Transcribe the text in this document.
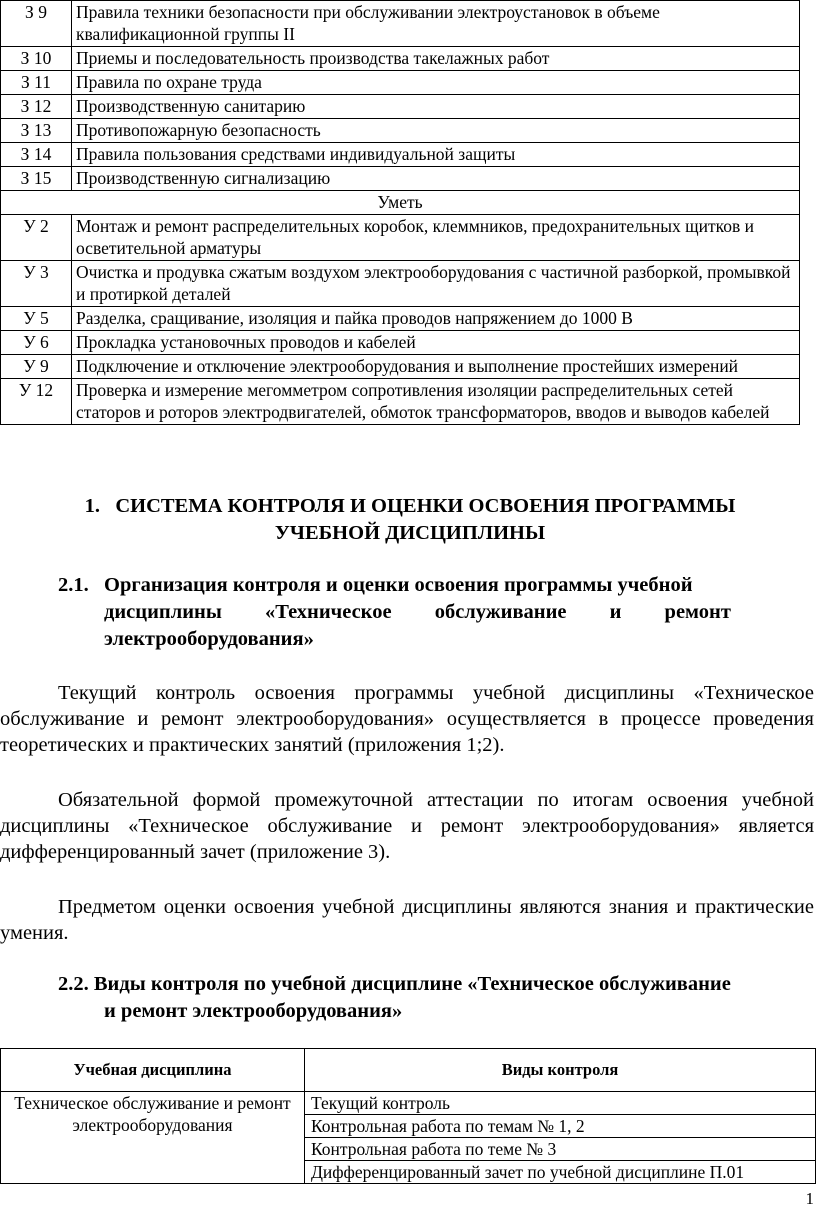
З 9	Правила техники безопасности при обслуживании электроустановок в объеме квалификационной группы II
З 10	Приемы и последовательность производства такелажных работ
З 11	Правила по охране труда
З 12	Производственную санитарию
З 13	Противопожарную безопасность
З 14	Правила пользования средствами индивидуальной защиты
З 15	Производственную сигнализацию
Уметь	
У 2	Монтаж и ремонт распределительных коробок, клеммников, предохранительных щитков и осветительной арматуры
У 3	Очистка и продувка сжатым воздухом электрооборудования с частичной разборкой, промывкой и протиркой деталей
У 5	Разделка, сращивание, изоляция и пайка проводов напряжением до 1000 В
У 6	Прокладка установочных проводов и кабелей
У 9	Подключение и отключение электрооборудования и выполнение простейших измерений
У 12	Проверка и измерение мегомметром сопротивления изоляции распределительных сетей статоров и роторов электродвигателей, обмоток трансформаторов, вводов и выводов кабелей
1. СИСТЕМА КОНТРОЛЯ И ОЦЕНКИ ОСВОЕНИЯ ПРОГРАММЫ
УЧЕБНОЙ ДИСЦИПЛИНЫ
2.1. Организация контроля и оценки освоения программы учебной
дисциплины «Техническое обслуживание и ремонт
электрооборудования»
Текущий контроль освоения программы учебной дисциплины «Техническое обслуживание и ремонт электрооборудования» осуществляется в процессе проведения теоретических и практических занятий (приложения 1;2).
Обязательной формой промежуточной аттестации по итогам освоения учебной дисциплины «Техническое обслуживание и ремонт электрооборудования» является дифференцированный зачет (приложение 3).
Предметом оценки освоения учебной дисциплины являются знания и практические умения.
2.2. Виды контроля по учебной дисциплине «Техническое обслуживание
и ремонт электрооборудования»
Учебная дисциплина	Виды контроля
Техническое обслуживание и ремонт электрооборудования	Текущий контроль
	Контрольная работа по темам № 1, 2
	Контрольная работа по теме № 3
	Дифференцированный зачет по учебной дисциплине П.01
1
